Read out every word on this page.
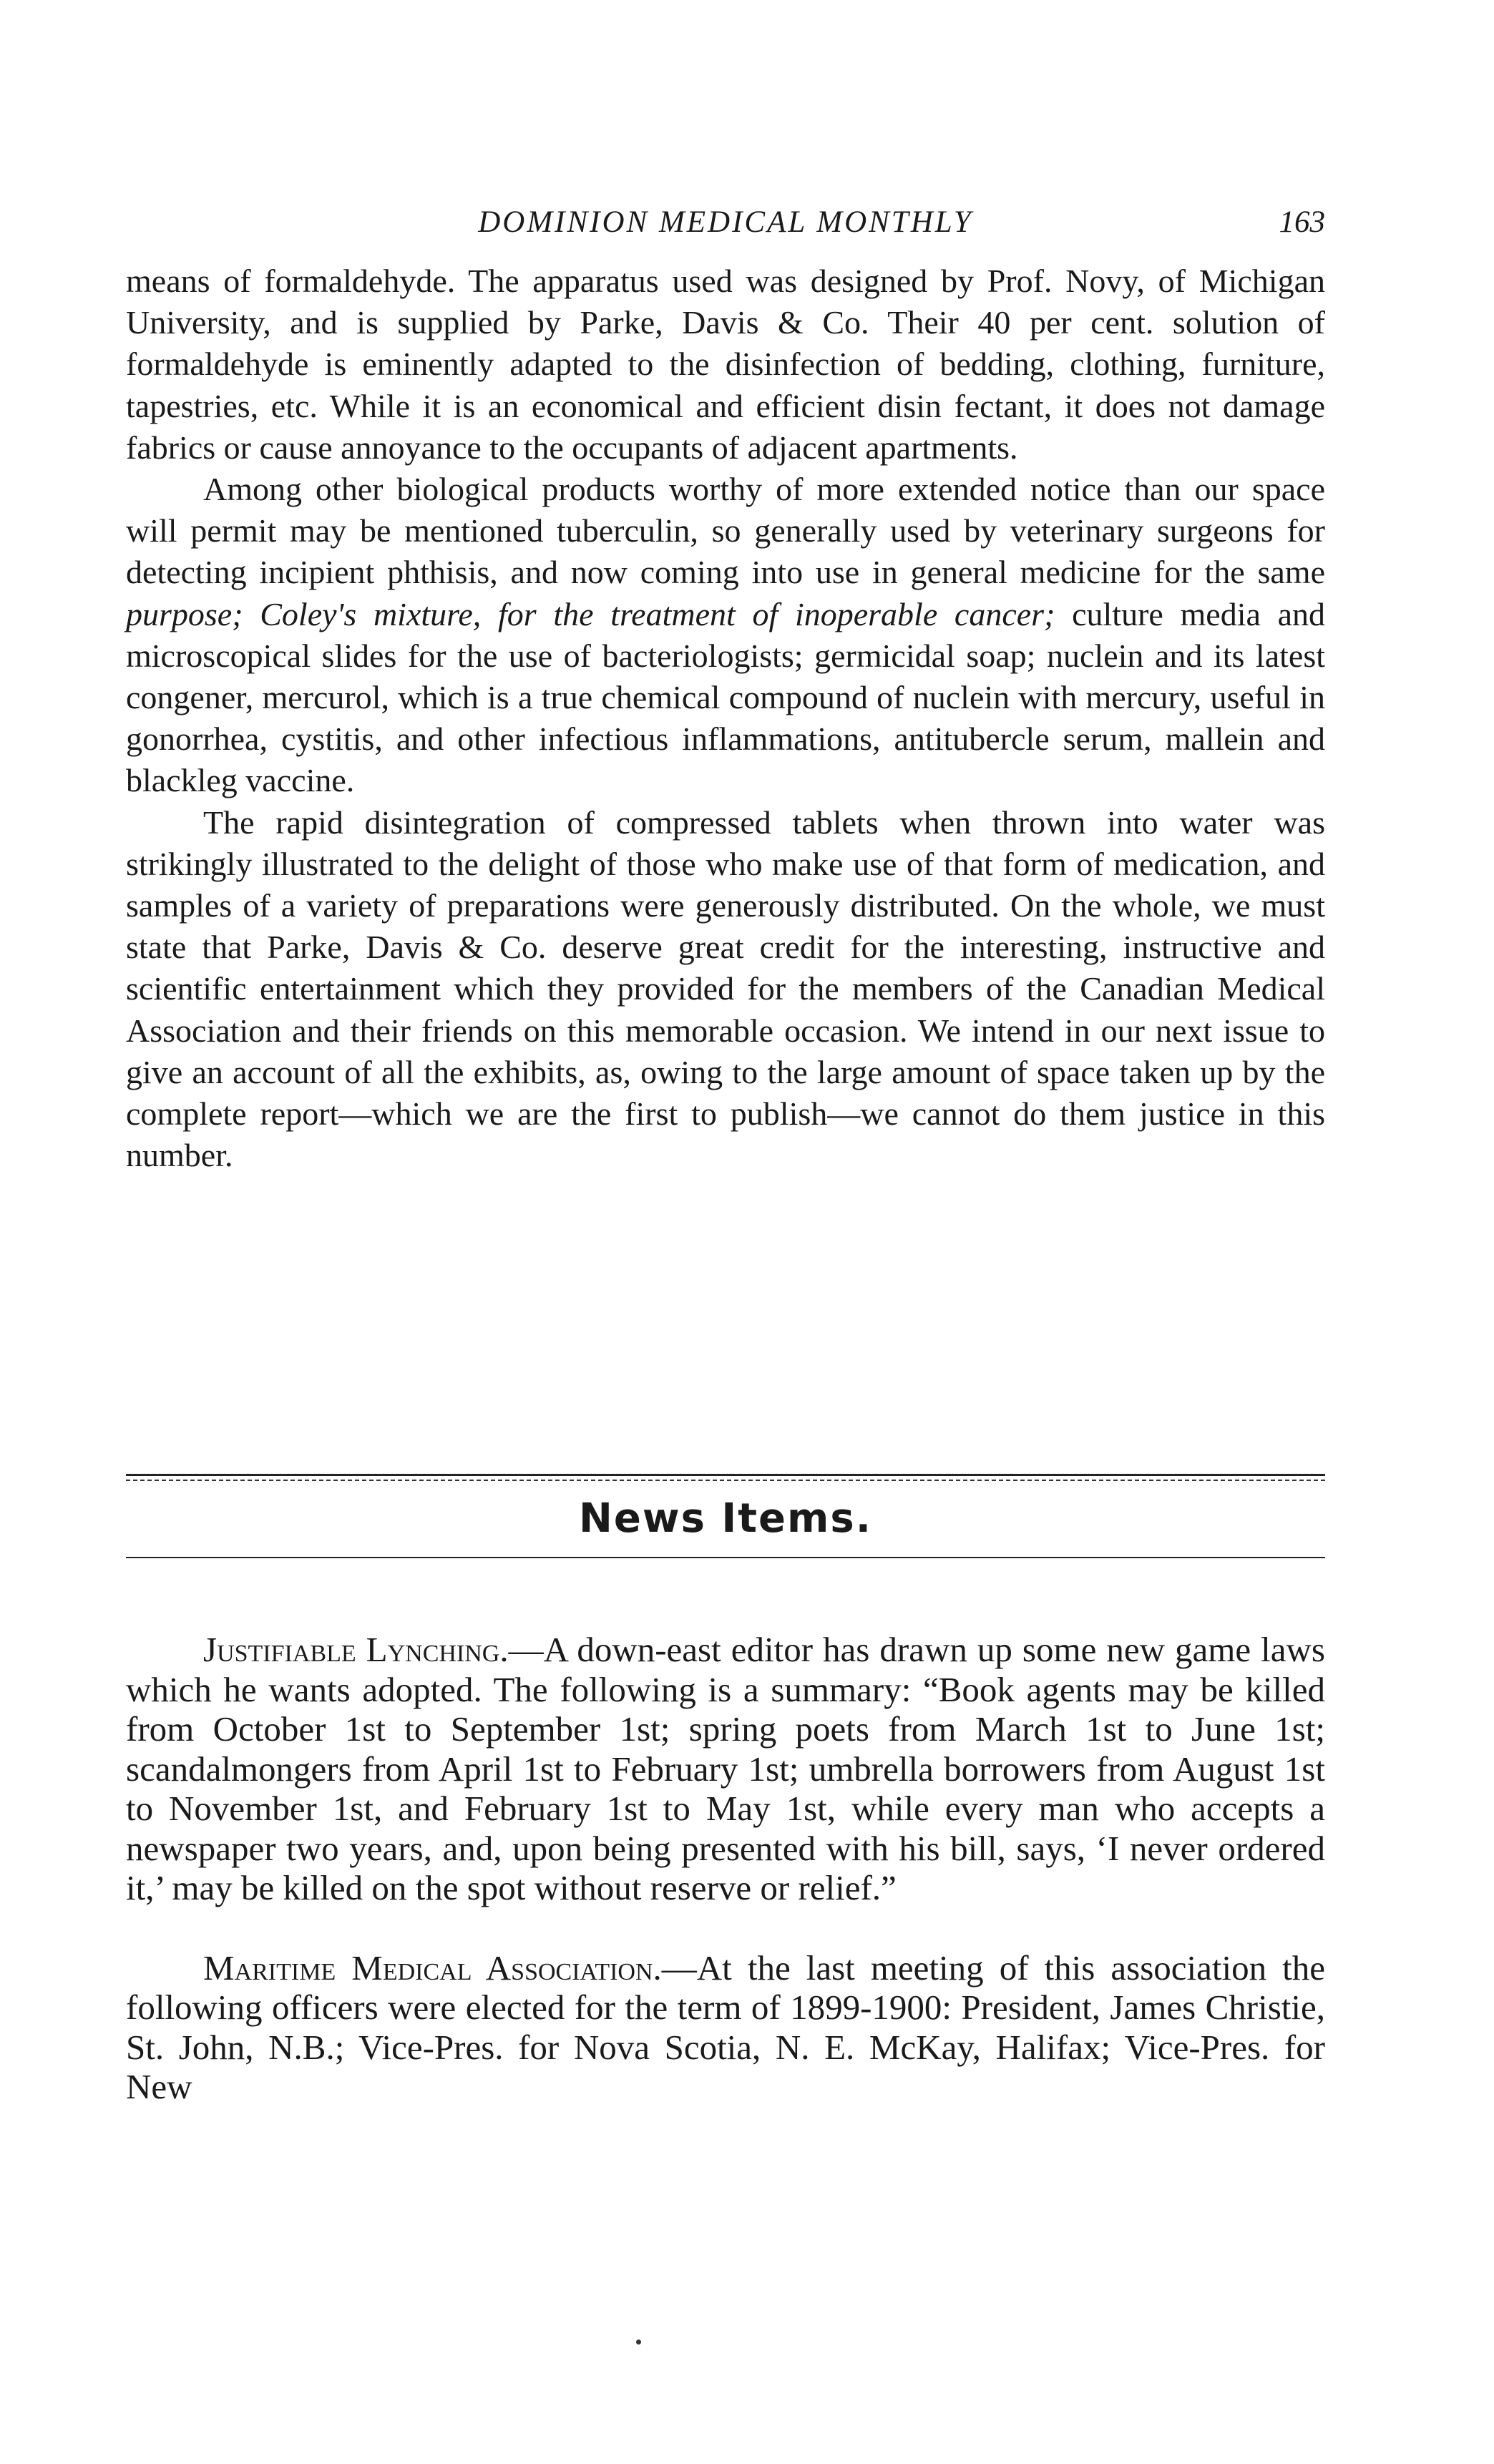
DOMINION MEDICAL MONTHLY	163

means of formaldehyde. The apparatus used was designed by Prof. Novy, of Michigan University, and is supplied by Parke, Davis & Co. Their 40 per cent. solution of formaldehyde is eminently adapted to the disinfection of bedding, clothing, furniture, tapestries, etc. While it is an economical and efficient disin fectant, it does not damage fabrics or cause annoyance to the occupants of adjacent apartments.

Among other biological products worthy of more extended notice than our space will permit may be mentioned tuberculin, so generally used by veterinary surgeons for detecting incipient phthisis, and now coming into use in general medicine for the same purpose; Coley's mixture, for the treatment of inoperable cancer; culture media and microscopical slides for the use of bacteriologists; germicidal soap; nuclein and its latest congener, mercurol, which is a true chemical compound of nuclein with mercury, useful in gonorrhea, cystitis, and other infectious inflammations, antitubercle serum, mallein and blackleg vaccine.

The rapid disintegration of compressed tablets when thrown into water was strikingly illustrated to the delight of those who make use of that form of medication, and samples of a variety of preparations were generously distributed. On the whole, we must state that Parke, Davis & Co. deserve great credit for the interesting, instructive and scientific entertainment which they provided for the members of the Canadian Medical Association and their friends on this memorable occasion. We intend in our next issue to give an account of all the exhibits, as, owing to the large amount of space taken up by the complete report—which we are the first to publish—we cannot do them justice in this number.

News Items.

Justifiable Lynching.—A down-east editor has drawn up some new game laws which he wants adopted. The following is a summary: “Book agents may be killed from October 1st to September 1st; spring poets from March 1st to June 1st; scandalmongers from April 1st to February 1st; umbrella borrowers from August 1st to November 1st, and February 1st to May 1st, while every man who accepts a newspaper two years, and, upon being presented with his bill, says, ‘I never ordered it,’ may be killed on the spot without reserve or relief.”

Maritime Medical Association.—At the last meeting of this association the following officers were elected for the term of 1899-1900: President, James Christie, St. John, N.B.; Vice-Pres. for Nova Scotia, N. E. McKay, Halifax; Vice-Pres. for New
